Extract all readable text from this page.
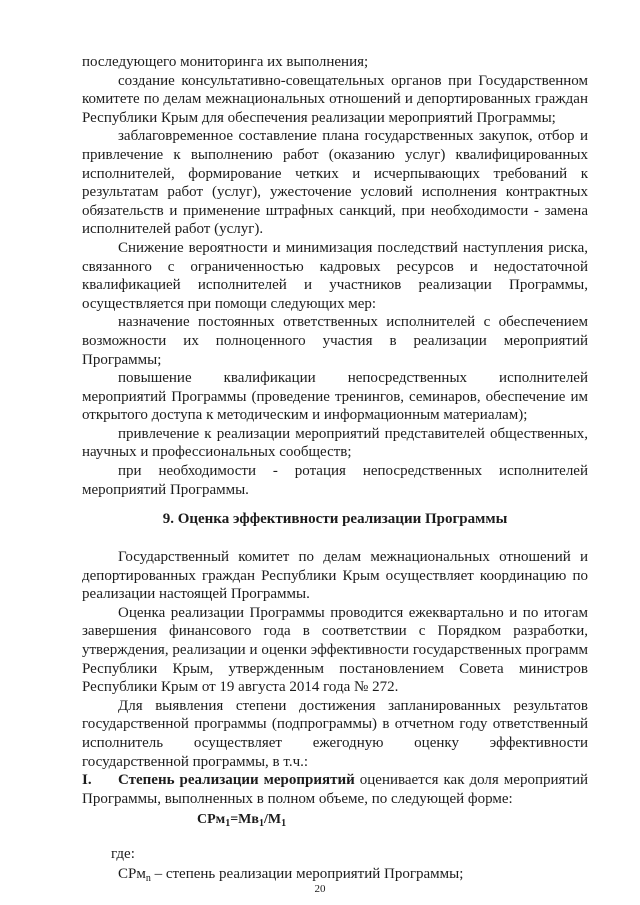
последующего мониторинга их выполнения;

создание консультативно-совещательных органов при Государственном комитете по делам межнациональных отношений и депортированных граждан Республики Крым для обеспечения реализации мероприятий Программы;

заблаговременное составление плана государственных закупок, отбор и привлечение к выполнению работ (оказанию услуг) квалифицированных исполнителей, формирование четких и исчерпывающих требований к результатам работ (услуг), ужесточение условий исполнения контрактных обязательств и применение штрафных санкций, при необходимости - замена исполнителей работ (услуг).

Снижение вероятности и минимизация последствий наступления риска, связанного с ограниченностью кадровых ресурсов и недостаточной квалификацией исполнителей и участников реализации Программы, осуществляется при помощи следующих мер:

назначение постоянных ответственных исполнителей с обеспечением возможности их полноценного участия в реализации мероприятий Программы;

повышение квалификации непосредственных исполнителей мероприятий Программы (проведение тренингов, семинаров, обеспечение им открытого доступа к методическим и информационным материалам);

привлечение к реализации мероприятий представителей общественных, научных и профессиональных сообществ;

при необходимости - ротация непосредственных исполнителей мероприятий Программы.

9. Оценка эффективности реализации Программы

Государственный комитет по делам межнациональных отношений и депортированных граждан Республики Крым осуществляет координацию по реализации настоящей Программы.

Оценка реализации Программы проводится ежеквартально и по итогам завершения финансового года в соответствии с Порядком разработки, утверждения, реализации и оценки эффективности государственных программ Республики Крым, утвержденным постановлением Совета министров Республики Крым от 19 августа 2014 года № 272.

Для выявления степени достижения запланированных результатов государственной программы (подпрограммы) в отчетном году ответственный исполнитель осуществляет ежегодную оценку эффективности государственной программы, в т.ч.:

I. Степень реализации мероприятий оценивается как доля мероприятий Программы, выполненных в полном объеме, по следующей форме:

$СРм_1=Мв_1/М_1$
где:
СРм$_n$ – степень реализации мероприятий Программы;
20
